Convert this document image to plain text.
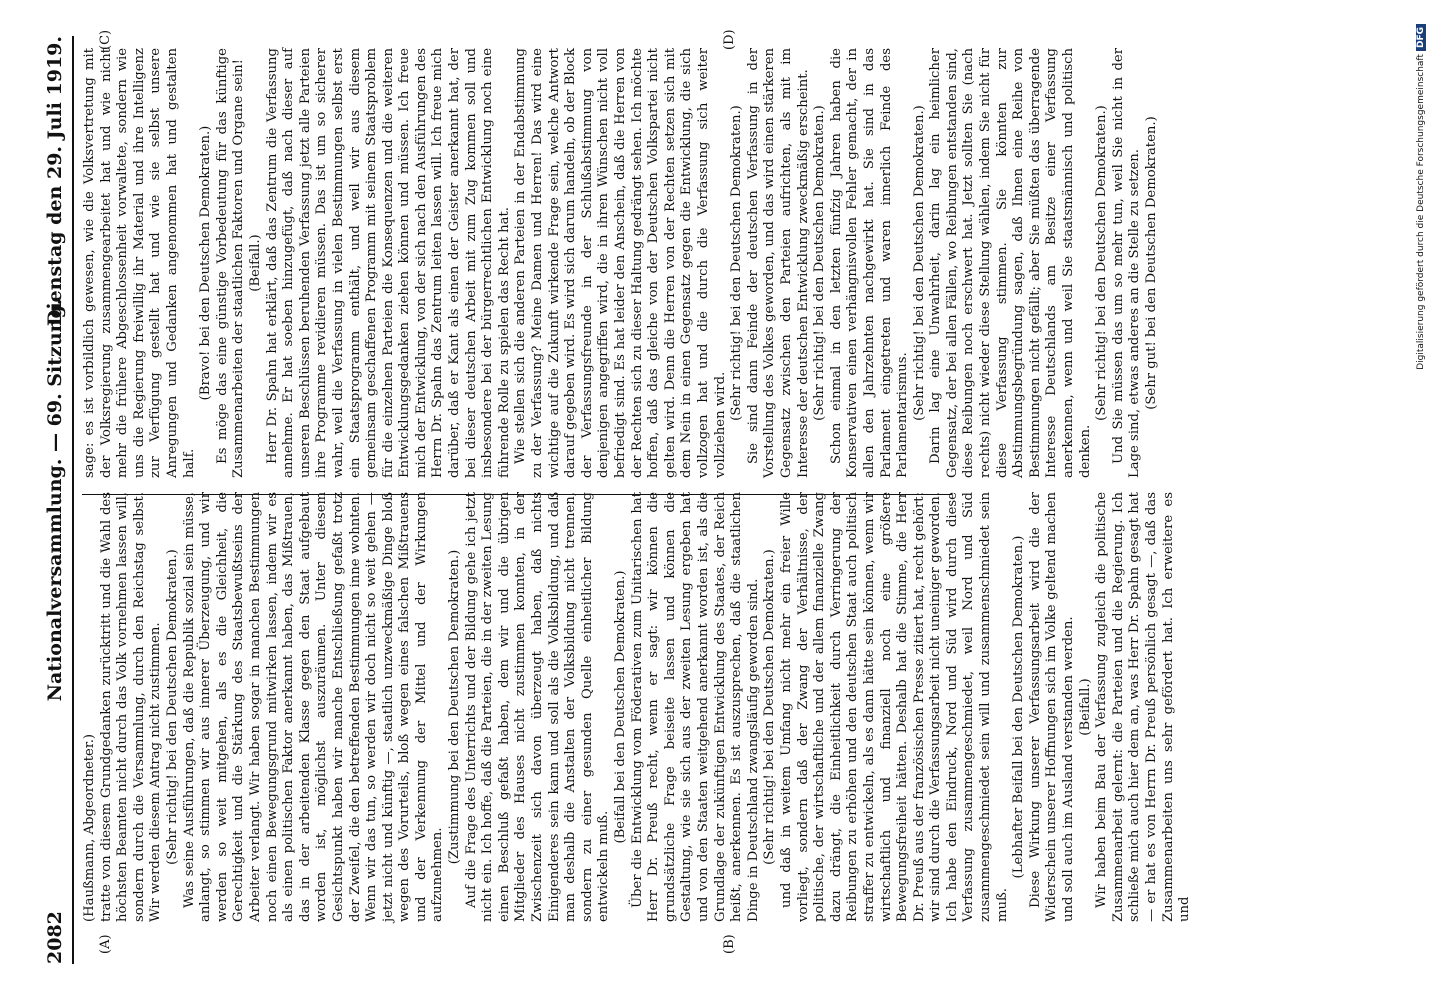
2082
Nationalversammlung. — 69. Sitzung.
Dienstag den 29. Juli 1919.
(A)	(B)
(C)	(D)

(Haußmann, Abgeordneter.) tratte von diesem Grundgedanken zurücktritt und die Wahl des höchsten Beamten nicht durch das Volk vornehmen lassen will, sondern durch die Versammlung, durch den Reichstag selbst. Wir werden diesem Antrag nicht zustimmen. (Sehr richtig! bei den Deutschen Demokraten.) Was seine Ausführungen, daß die Republik sozial sein müsse, anlangt, so stimmen wir aus innerer Überzeugung, und wir werden so weit mitgehen, als es die Gleichheit, die Gerechtigkeit und die Stärkung des Staatsbewußtseins der Arbeiter verlangt. Wir haben sogar in manchen Bestimmungen noch einen Bewegungsgrund mitwirken lassen, indem wir es als einen politischen Faktor anerkannt haben, das Mißtrauen, das in der arbeitenden Klasse gegen den Staat aufgebaut worden ist, möglichst auszuräumen. Unter diesem Gesichtspunkt haben wir manche Entschließung gefaßt trotz der Zweifel, die den betreffenden Bestimmungen inne wohnten. Wenn wir das tun, so werden wir doch nicht so weit gehen — jetzt nicht und künftig —, staatlich unzweckmäßige Dinge bloß wegen des Vorurteils, bloß wegen eines falschen Mißtrauens und der Verkennung der Mittel und der Wirkungen aufzunehmen.

(Zustimmung bei den Deutschen Demokraten.) Auf die Frage des Unterrichts und der Bildung gehe ich jetzt nicht ein. Ich hoffe, daß die Parteien, die in der zweiten Lesung einen Beschluß gefaßt haben, dem wir und die übrigen Mitglieder des Hauses nicht zustimmen konnten, in der Zwischenzeit sich davon überzeugt haben, daß nichts Einigenderes sein kann und soll als die Volksbildung, und daß man deshalb die Anstalten der Volksbildung nicht trennen, sondern zu einer gesunden Quelle einheitlicher Bildung entwickeln muß.

(Beifall bei den Deutschen Demokraten.) Über die Entwicklung vom Föderativen zum Unitarischen hat Herr Dr. Preuß recht, wenn er sagt: wir können die grundsätzliche Frage beiseite lassen und können die Gestaltung, wie sie sich aus der zweiten Lesung ergeben hat und von den Staaten weitgehend anerkannt worden ist, als die Grundlage der zukünftigen Entwicklung des Staates, der Reich heißt, anerkennen. Es ist auszusprechen, daß die staatlichen Dinge in Deutschland zwangsläufig geworden sind. (Sehr richtig! bei den Deutschen Demokraten.) und daß in weitem Umfang nicht mehr ein freier Wille vorliegt, sondern daß der Zwang der Verhältnisse, der politische, der wirtschaftliche und der allem finanzielle Zwang dazu drängt, die Einheitlichkeit durch Verringerung der Reibungen zu erhöhen und den deutschen Staat auch politisch straffer zu entwickeln, als es dann hätte sein können, wenn wir wirtschaftlich und finanziell noch eine größere Bewegungsfreiheit hätten. Deshalb hat die Stimme, die Herr Dr. Preuß aus der französischen Presse zitiert hat, recht gehört: wir sind durch die Verfassungsarbeit nicht uneiniger geworden. Ich habe den Eindruck, Nord und Süd wird durch diese Verfassung zusammengeschmiedet, weil Nord und Süd zusammengeschmiedet sein will und zusammenschmiedet sein muß.

(Lebhafter Beifall bei den Deutschen Demokraten.) Diese Wirkung unserer Verfassungsarbeit wird die der Widerschein unserer Hoffnungen sich im Volke geltend machen und soll auch im Ausland verstanden werden. (Beifall.) Wir haben beim Bau der Verfassung zugleich die politische Zusammenarbeit gelernt: die Parteien und die Regierung. Ich schließe mich auch hier dem an, was Herr Dr. Spahn gesagt hat — er hat es von Herrn Dr. Preuß persönlich gesagt —, daß das Zusammenarbeiten uns sehr gefördert hat. Ich erweitere es und

sage: es ist vorbildlich gewesen, wie die Volksvertretung mit der Volksregierung zusammengearbeitet hat und wie nicht mehr die frühere Abgeschlossenheit vorwaltete, sondern wie uns die Regierung freiwillig ihr Material und ihre Intelligenz zur Verfügung gestellt hat und wie sie selbst unsere Anregungen und Gedanken angenommen hat und gestalten half.

(Bravo! bei den Deutschen Demokraten.) Es möge das eine günstige Vorbedeutung für das künftige Zusammenarbeiten der staatlichen Faktoren und Organe sein! (Beifall.) Herr Dr. Spahn hat erklärt, daß das Zentrum die Verfassung annehme. Er hat soeben hinzugefügt, daß nach dieser auf unseren Beschlüssen beruhenden Verfassung jetzt alle Parteien ihre Programme revidieren müssen. Das ist um so sicherer wahr, weil die Verfassung in vielen Bestimmungen selbst erst ein Staatsprogramm enthält, und weil wir aus diesem gemeinsam geschaffenen Programm mit seinem Staatsproblem für die einzelnen Parteien die Konsequenzen und die weiteren Entwicklungsgedanken ziehen können und müssen. Ich freue mich der Entwicklung, von der sich nach den Ausführungen des Herrn Dr. Spahn das Zentrum leiten lassen will. Ich freue mich darüber, daß er Kant als einen der Geister anerkannt hat, der bei dieser deutschen Arbeit mit zum Zug kommen soll und insbesondere bei der bürgerrechtlichen Entwicklung noch eine führende Rolle zu spielen das Recht hat. Wie stellen sich die anderen Parteien in der Endabstimmung zu der Verfassung? Meine Damen und Herren! Das wird eine wichtige auf die Zukunft wirkende Frage sein, welche Antwort darauf gegeben wird. Es wird sich darum handeln, ob der Block der Verfassungsfreunde in der Schlußabstimmung von denjenigen angegriffen wird, die in ihren Wünschen nicht voll befriedigt sind. Es hat leider den Anschein, daß die Herren von der Rechten sich zu dieser Haltung gedrängt sehen. Ich möchte hoffen, daß das gleiche von der Deutschen Volkspartei nicht gelten wird. Denn die Herren von der Rechten setzen sich mit dem Nein in einen Gegensatz gegen die Entwicklung, die sich vollzogen hat und die durch die Verfassung sich weiter vollziehen wird.

(Sehr richtig! bei den Deutschen Demokraten.) Sie sind dann Feinde der deutschen Verfassung in der Vorstellung des Volkes geworden, und das wird einen stärkeren Gegensatz zwischen den Parteien aufrichten, als mit im Interesse der deutschen Entwicklung zweckmäßig erscheint. (Sehr richtig! bei den Deutschen Demokraten.) Schon einmal in den letzten fünfzig Jahren haben die Konservativen einen verhängnisvollen Fehler gemacht, der in allen den Jahrzehnten nachgewirkt hat. Sie sind in das Parlament eingetreten und waren innerlich Feinde des Parlamentarismus. (Sehr richtig! bei den Deutschen Demokraten.) Darin lag eine Unwahrheit, darin lag ein heimlicher Gegensatz, der bei allen Fällen, wo Reibungen entstanden sind, diese Reibungen noch erschwert hat. Jetzt sollten Sie (nach rechts) nicht wieder diese Stellung wählen, indem Sie nicht für diese Verfassung stimmen. Sie könnten zur Abstimmungsbegründung sagen, daß Ihnen eine Reihe von Bestimmungen nicht gefällt; aber Sie müßten das überragende Interesse Deutschlands am Besitze einer Verfassung anerkennen, wenn und weil Sie staatsmännisch und politisch denken.

(Sehr richtig! bei den Deutschen Demokraten.) Und Sie müssen das um so mehr tun, weil Sie nicht in der Lage sind, etwas anderes an die Stelle zu setzen. (Sehr gut! bei den Deutschen Demokraten.)	Digitalisierung gefördert durch die Deutsche ForschungsgemeinschaftDFG
